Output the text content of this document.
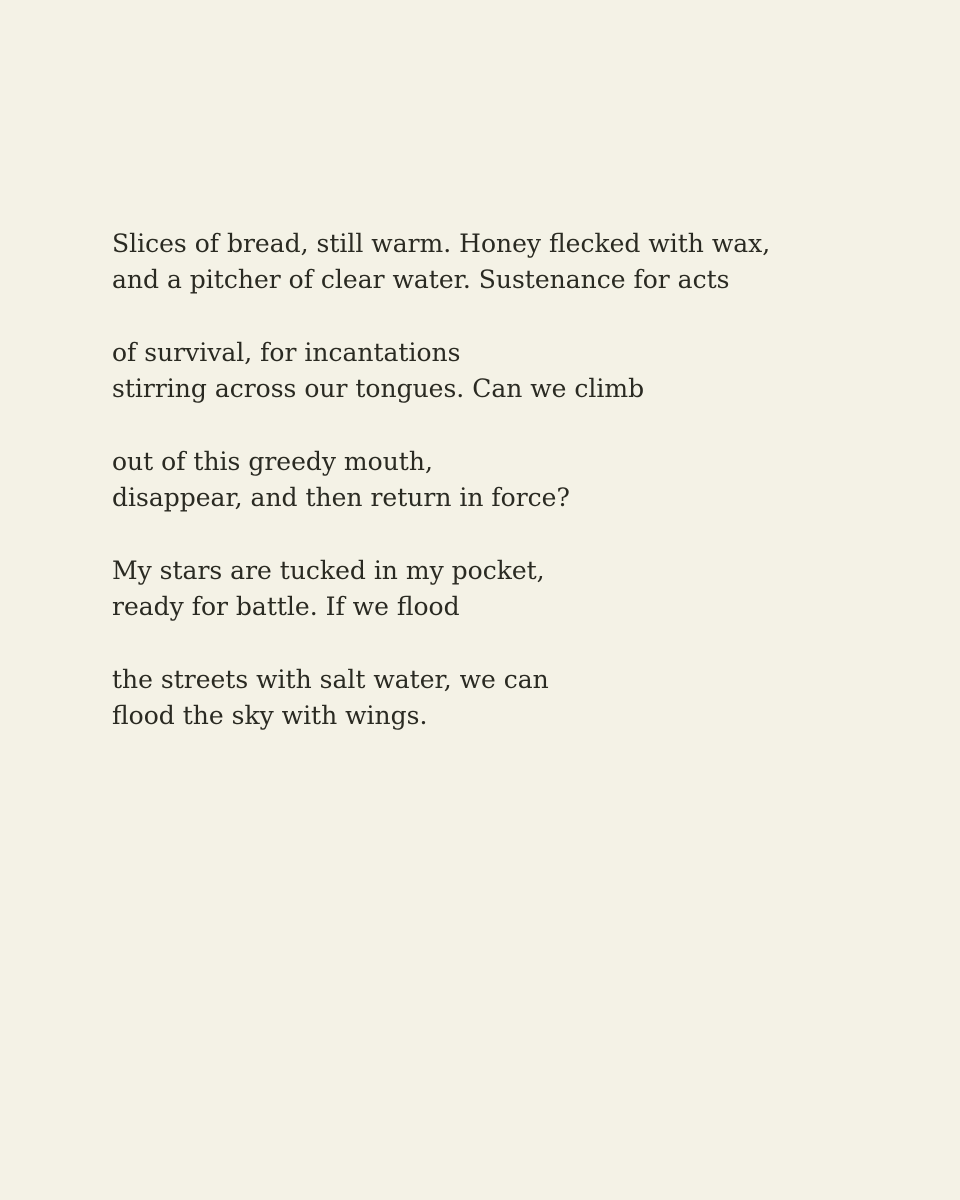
Slices of bread, still warm. Honey flecked with wax,
and a pitcher of clear water. Sustenance for acts
of survival, for incantations
stirring across our tongues. Can we climb
out of this greedy mouth,
disappear, and then return in force?
My stars are tucked in my pocket,
ready for battle. If we flood
the streets with salt water, we can
flood the sky with wings.
